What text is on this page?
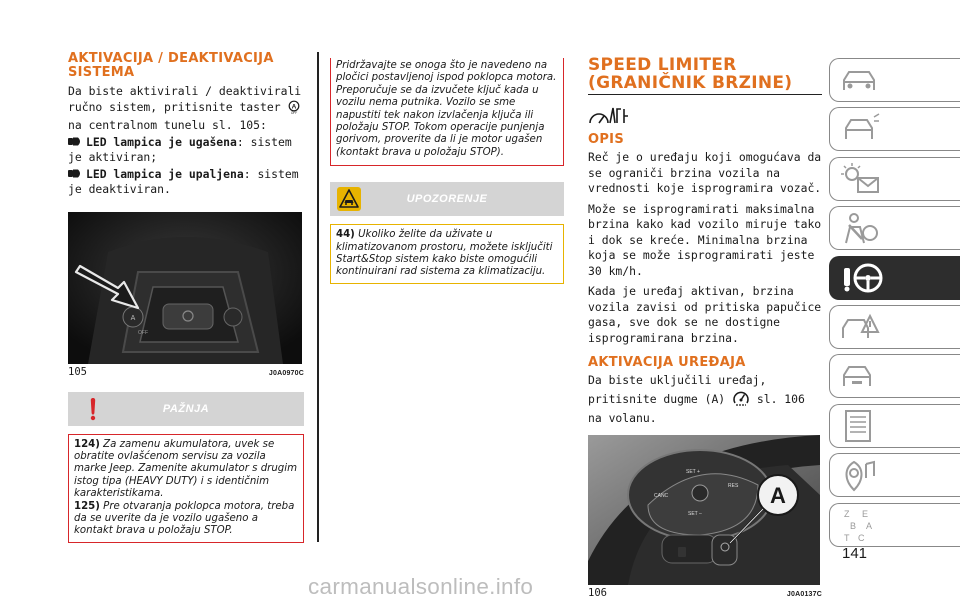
AKTIVACIJA / DEAKTIVACIJA SISTEMA
Da biste aktivirali / deaktivirali ručno sistem, pritisnite taster A
OFF
na centralnom tunelu sl. 105:
LED lampica je ugašena: sistem je aktiviran;
LED lampica je upaljena: sistem je deaktiviran.
A
OFF
105	J0A0970C
PAŽNJA
124) Za zamenu akumulatora, uvek se obratite ovlašćenom servisu za vozila marke Jeep. Zamenite akumulator s drugim istog tipa (HEAVY DUTY) i s identičnim karakteristikama.
125) Pre otvaranja poklopca motora, treba da se uverite da je vozilo ugašeno a kontakt brava u položaju STOP.
Pridržavajte se onoga što je navedeno na pločici postavljenoj ispod poklopca motora. Preporučuje se da izvučete ključ kada u vozilu nema putnika. Vozilo se sme napustiti tek nakon izvlačenja ključa ili položaju STOP. Tokom operacije punjenja gorivom, proverite da li je motor ugašen (kontakt brava u položaju STOP).
UPOZORENJE
44) Ukoliko želite da uživate u klimatizovanom prostoru, možete isključiti Start&Stop sistem kako biste omogućili kontinuirani rad sistema za klimatizaciju.
SPEED LIMITER
(GRANIČNIK BRZINE)
OPIS
Reč je o uređaju koji omogućava da se ograniči brzina vozila na vrednosti koje isprogramira vozač.
Može se isprogramirati maksimalna brzina kako kad vozilo miruje tako i dok se kreće. Minimalna brzina koja se može isprogramirati jeste 30 km/h.
Kada je uređaj aktivan, brzina vozila zavisi od pritiska papučice gasa, sve dok se ne dostigne isprogramirana brzina.
AKTIVACIJA UREĐAJA
Da biste uključili uređaj, pritisnite dugme (A)	sl. 106 na volanu.
SET +
CANC
RES
SET –
A
106	J0A0137C
Z E
B A
T C
141
carmanualsonline.info
